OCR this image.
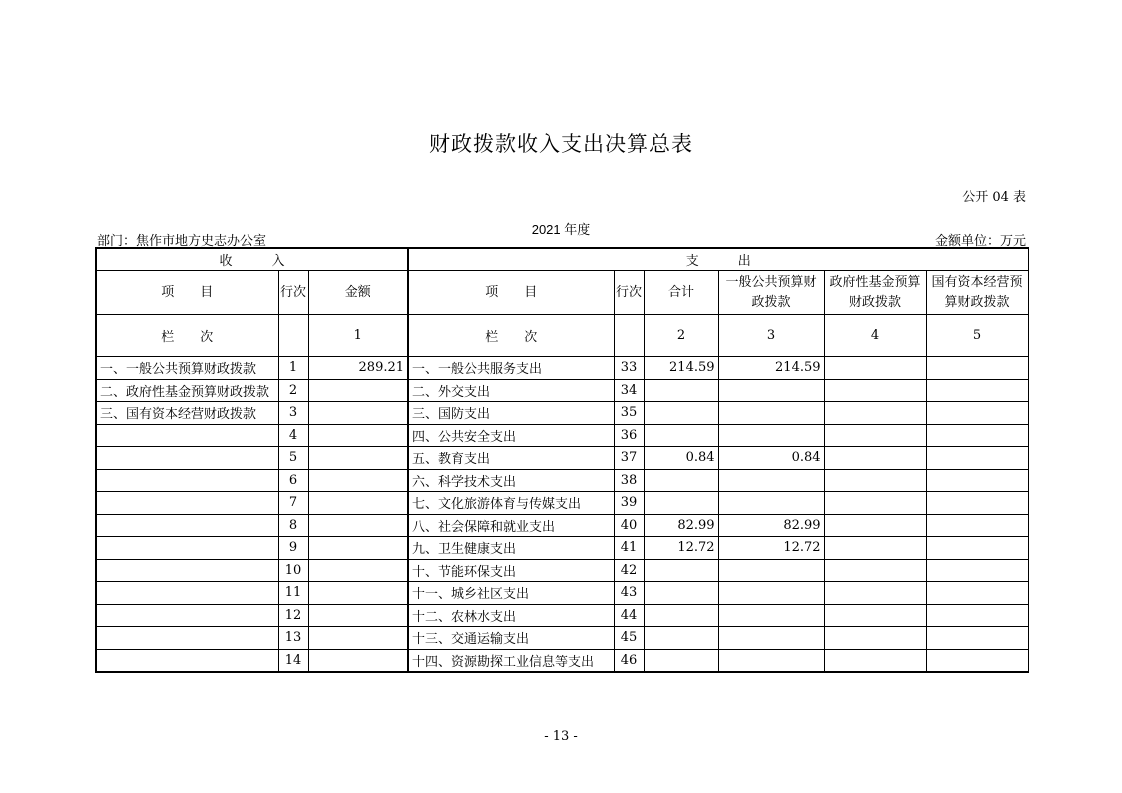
财政拨款收入支出决算总表
公开 04 表
2021 年度
部门：焦作市地方史志办公室	金额单位：万元
收　　　入			支　　　出					
项　　目	行次	金额	项　　目	行次	合计	一般公共预算财政拨款	政府性基金预算财政拨款	国有资本经营预算财政拨款
栏　　次		1	栏　　次		2	3	4	5
一、一般公共预算财政拨款	1	289.21	一、一般公共服务支出	33	214.59	214.59		
二、政府性基金预算财政拨款	2		二、外交支出	34				
三、国有资本经营财政拨款	3		三、国防支出	35				
	4		四、公共安全支出	36				
	5		五、教育支出	37	0.84	0.84		
	6		六、科学技术支出	38				
	7		七、文化旅游体育与传媒支出	39				
	8		八、社会保障和就业支出	40	82.99	82.99		
	9		九、卫生健康支出	41	12.72	12.72		
	10		十、节能环保支出	42				
	11		十一、城乡社区支出	43				
	12		十二、农林水支出	44				
	13		十三、交通运输支出	45				
	14		十四、资源勘探工业信息等支出	46				
- 13 -
